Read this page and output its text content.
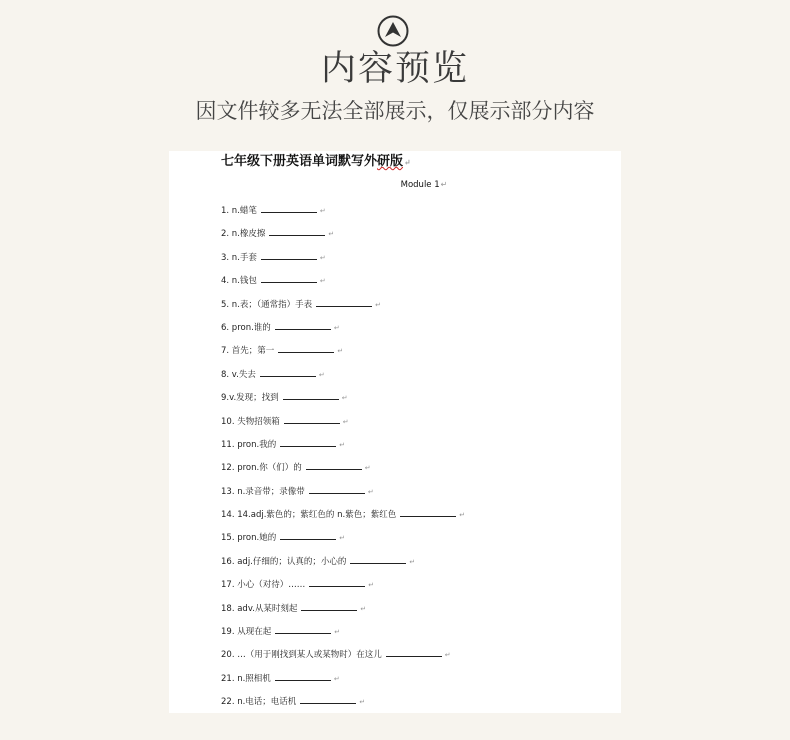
内容预览
因文件较多无法全部展示，仅展示部分内容
七年级下册英语单词默写外研版↵
Module 1↵
1. n.蜡笔	↵
2. n.橡皮擦	↵
3. n.手套	↵
4. n.钱包	↵
5. n.表；（通常指）手表	↵
6. pron.谁的	↵
7. 首先；第一	↵
8. v.失去	↵
9.v.发现；找到	↵
10. 失物招领箱	↵
11. pron.我的	↵
12. pron.你（们）的	↵
13. n.录音带；录像带	↵
14. 14.adj.紫色的；紫红色的 n.紫色；紫红色	↵
15. pron.她的	↵
16. adj.仔细的；认真的；小心的	↵
17. 小心（对待）……	↵
18. adv.从某时刻起	↵
19. 从现在起	↵
20. …（用于刚找到某人或某物时）在这儿	↵
21. n.照相机	↵
22. n.电话；电话机	↵
